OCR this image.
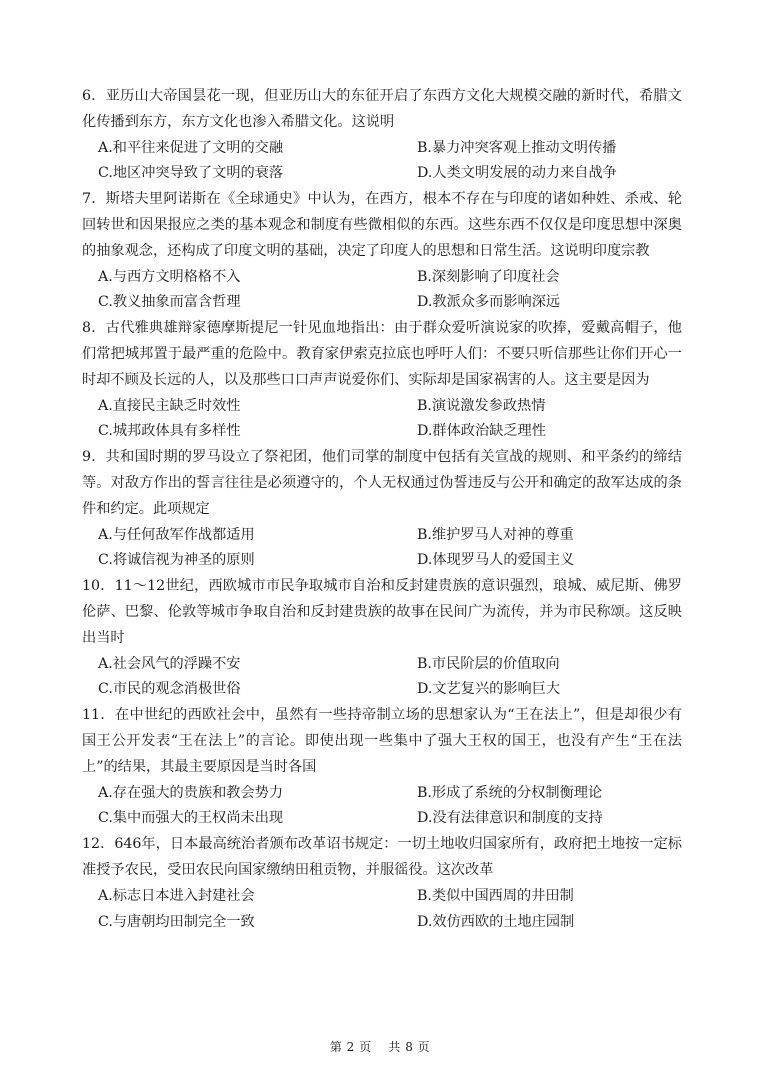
6．亚历山大帝国昙花一现，但亚历山大的东征开启了东西方文化大规模交融的新时代，希腊文化传播到东方，东方文化也渗入希腊文化。这说明
A.和平往来促进了文明的交融	B.暴力冲突客观上推动文明传播
C.地区冲突导致了文明的衰落	D.人类文明发展的动力来自战争
7．斯塔夫里阿诺斯在《全球通史》中认为，在西方，根本不存在与印度的诸如种姓、杀戒、轮回转世和因果报应之类的基本观念和制度有些微相似的东西。这些东西不仅仅是印度思想中深奥的抽象观念，还构成了印度文明的基础，决定了印度人的思想和日常生活。这说明印度宗教
A.与西方文明格格不入	B.深刻影响了印度社会
C.教义抽象而富含哲理	D.教派众多而影响深远
8．古代雅典雄辩家德摩斯提尼一针见血地指出：由于群众爱听演说家的吹捧，爱戴高帽子，他们常把城邦置于最严重的危险中。教育家伊索克拉底也呼吁人们：不要只听信那些让你们开心一时却不顾及长远的人，以及那些口口声声说爱你们、实际却是国家祸害的人。这主要是因为
A.直接民主缺乏时效性	B.演说激发参政热情
C.城邦政体具有多样性	D.群体政治缺乏理性
9．共和国时期的罗马设立了祭祀团，他们司掌的制度中包括有关宣战的规则、和平条约的缔结等。对敌方作出的誓言往往是必须遵守的，个人无权通过伪誓违反与公开和确定的敌军达成的条件和约定。此项规定
A.与任何敌军作战都适用	B.维护罗马人对神的尊重
C.将诚信视为神圣的原则	D.体现罗马人的爱国主义
10．11～12世纪，西欧城市市民争取城市自治和反封建贵族的意识强烈，琅城、威尼斯、佛罗伦萨、巴黎、伦敦等城市争取自治和反封建贵族的故事在民间广为流传，并为市民称颂。这反映出当时
A.社会风气的浮躁不安	B.市民阶层的价值取向
C.市民的观念消极世俗	D.文艺复兴的影响巨大
11．在中世纪的西欧社会中，虽然有一些持帝制立场的思想家认为“王在法上”，但是却很少有国王公开发表“王在法上”的言论。即使出现一些集中了强大王权的国王，也没有产生“王在法上”的结果，其最主要原因是当时各国
A.存在强大的贵族和教会势力	B.形成了系统的分权制衡理论
C.集中而强大的王权尚未出现	D.没有法律意识和制度的支持
12．646年，日本最高统治者颁布改革诏书规定：一切土地收归国家所有，政府把土地按一定标准授予农民，受田农民向国家缴纳田租贡物，并服徭役。这次改革
A.标志日本进入封建社会	B.类似中国西周的井田制
C.与唐朝均田制完全一致	D.效仿西欧的土地庄园制
第 2 页　 共 8 页
